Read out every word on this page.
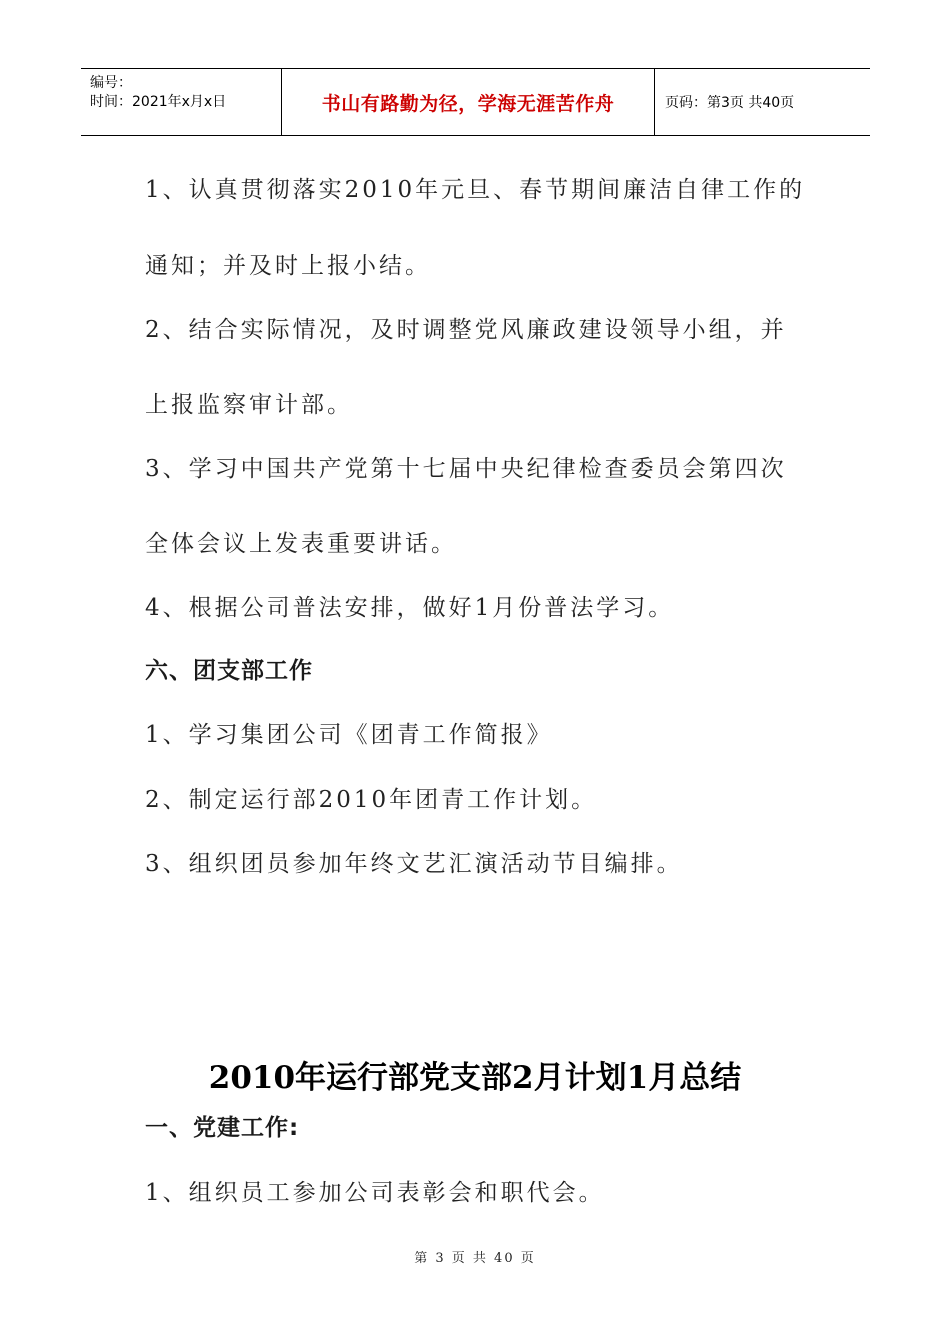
编号：
时间：2021年x月x日	书山有路勤为径，学海无涯苦作舟	页码：第3页 共40页
1、认真贯彻落实2010年元旦、春节期间廉洁自律工作的
通知；并及时上报小结。
2、结合实际情况，及时调整党风廉政建设领导小组，并
上报监察审计部。
3、学习中国共产党第十七届中央纪律检查委员会第四次
全体会议上发表重要讲话。
4、根据公司普法安排，做好1月份普法学习。
六、团支部工作
1、学习集团公司《团青工作简报》
2、制定运行部2010年团青工作计划。
3、组织团员参加年终文艺汇演活动节目编排。
2010年运行部党支部2月计划1月总结
一、党建工作:
1、组织员工参加公司表彰会和职代会。
第 3 页 共 40 页
